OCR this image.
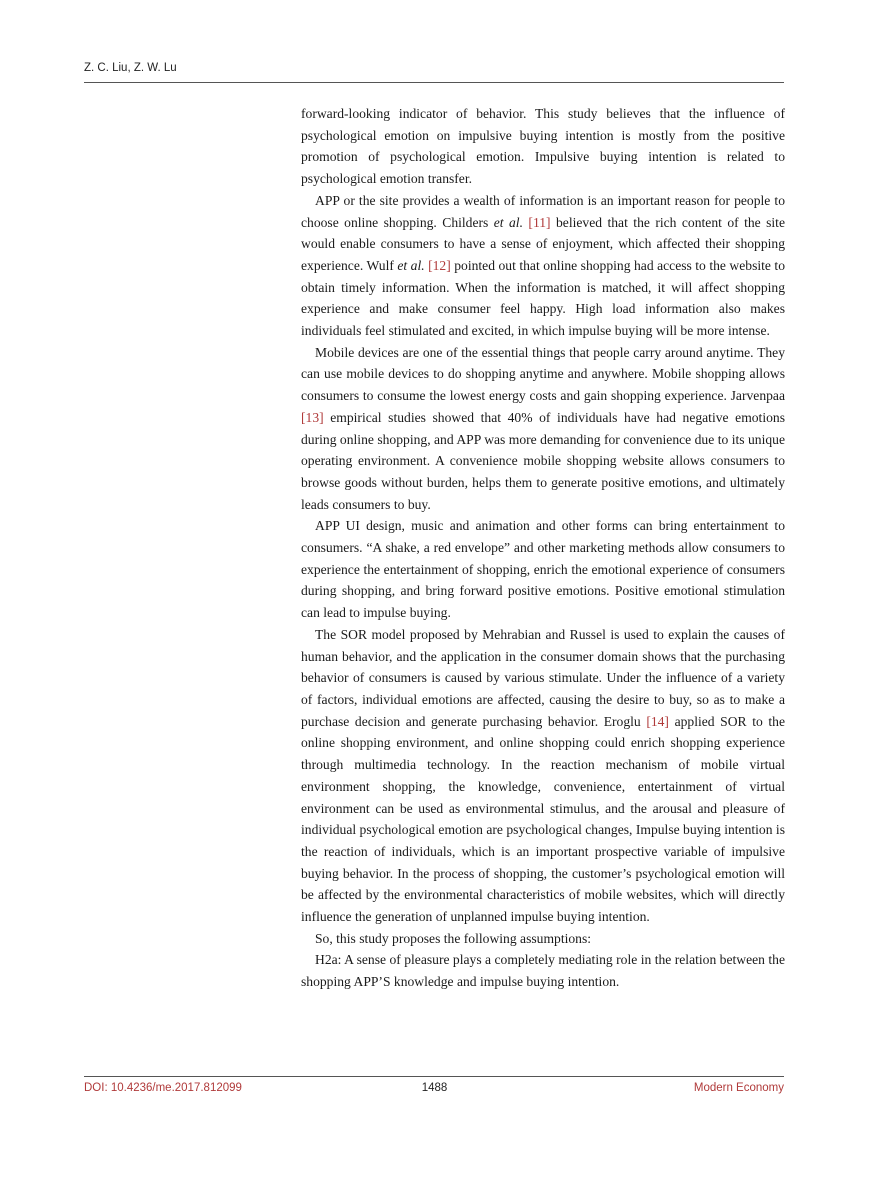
Z. C. Liu, Z. W. Lu

forward-looking indicator of behavior. This study believes that the influence of psychological emotion on impulsive buying intention is mostly from the positive promotion of psychological emotion. Impulsive buying intention is related to psychological emotion transfer.

APP or the site provides a wealth of information is an important reason for people to choose online shopping. Childers et al. [11] believed that the rich content of the site would enable consumers to have a sense of enjoyment, which affected their shopping experience. Wulf et al. [12] pointed out that online shopping had access to the website to obtain timely information. When the information is matched, it will affect shopping experience and make consumer feel happy. High load information also makes individuals feel stimulated and excited, in which impulse buying will be more intense.

Mobile devices are one of the essential things that people carry around anytime. They can use mobile devices to do shopping anytime and anywhere. Mobile shopping allows consumers to consume the lowest energy costs and gain shopping experience. Jarvenpaa [13] empirical studies showed that 40% of individuals have had negative emotions during online shopping, and APP was more demanding for convenience due to its unique operating environment. A convenience mobile shopping website allows consumers to browse goods without burden, helps them to generate positive emotions, and ultimately leads consumers to buy.

APP UI design, music and animation and other forms can bring entertainment to consumers. “A shake, a red envelope” and other marketing methods allow consumers to experience the entertainment of shopping, enrich the emotional experience of consumers during shopping, and bring forward positive emotions. Positive emotional stimulation can lead to impulse buying.

The SOR model proposed by Mehrabian and Russel is used to explain the causes of human behavior, and the application in the consumer domain shows that the purchasing behavior of consumers is caused by various stimulate. Under the influence of a variety of factors, individual emotions are affected, causing the desire to buy, so as to make a purchase decision and generate purchasing behavior. Eroglu [14] applied SOR to the online shopping environment, and online shopping could enrich shopping experience through multimedia technology. In the reaction mechanism of mobile virtual environment shopping, the knowledge, convenience, entertainment of virtual environment can be used as environmental stimulus, and the arousal and pleasure of individual psychological emotion are psychological changes, Impulse buying intention is the reaction of individuals, which is an important prospective variable of impulsive buying behavior. In the process of shopping, the customer’s psychological emotion will be affected by the environmental characteristics of mobile websites, which will directly influence the generation of unplanned impulse buying intention.

So, this study proposes the following assumptions:

H2a: A sense of pleasure plays a completely mediating role in the relation between the shopping APP’S knowledge and impulse buying intention.

DOI: 10.4236/me.2017.812099	1488	Modern Economy
